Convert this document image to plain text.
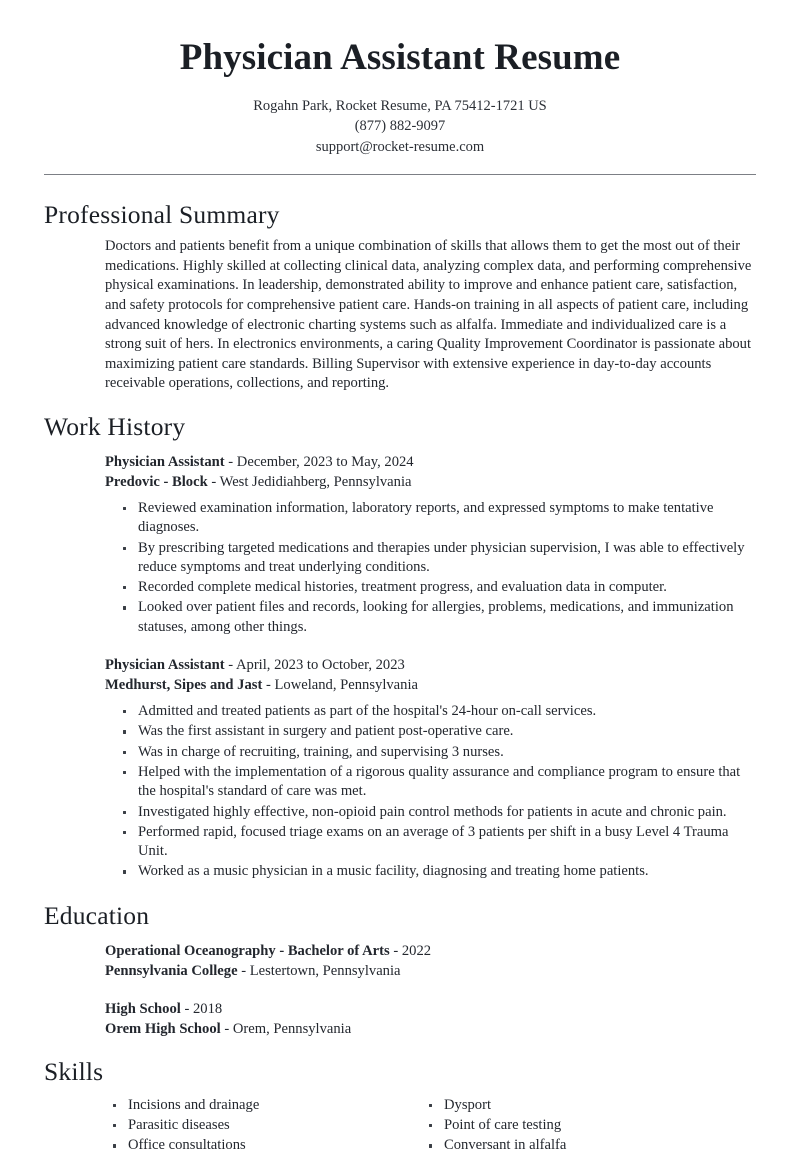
Physician Assistant Resume

Rogahn Park, Rocket Resume, PA 75412-1721 US

(877) 882-9097

support@rocket-resume.com

Professional Summary

Doctors and patients benefit from a unique combination of skills that allows them to get the most out of their medications. Highly skilled at collecting clinical data, analyzing complex data, and performing comprehensive physical examinations. In leadership, demonstrated ability to improve and enhance patient care, satisfaction, and safety protocols for comprehensive patient care. Hands-on training in all aspects of patient care, including advanced knowledge of electronic charting systems such as alfalfa. Immediate and individualized care is a strong suit of hers. In electronics environments, a caring Quality Improvement Coordinator is passionate about maximizing patient care standards. Billing Supervisor with extensive experience in day-to-day accounts receivable operations, collections, and reporting.

Work History

Physician Assistant - December, 2023 to May, 2024

Predovic - Block - West Jedidiahberg, Pennsylvania

Reviewed examination information, laboratory reports, and expressed symptoms to make tentative diagnoses.
By prescribing targeted medications and therapies under physician supervision, I was able to effectively reduce symptoms and treat underlying conditions.
Recorded complete medical histories, treatment progress, and evaluation data in computer.
Looked over patient files and records, looking for allergies, problems, medications, and immunization statuses, among other things.

Physician Assistant - April, 2023 to October, 2023

Medhurst, Sipes and Jast - Loweland, Pennsylvania

Admitted and treated patients as part of the hospital's 24-hour on-call services.
Was the first assistant in surgery and patient post-operative care.
Was in charge of recruiting, training, and supervising 3 nurses.
Helped with the implementation of a rigorous quality assurance and compliance program to ensure that the hospital's standard of care was met.
Investigated highly effective, non-opioid pain control methods for patients in acute and chronic pain.
Performed rapid, focused triage exams on an average of 3 patients per shift in a busy Level 4 Trauma Unit.
Worked as a music physician in a music facility, diagnosing and treating home patients.
Education

Operational Oceanography - Bachelor of Arts - 2022

Pennsylvania College - Lestertown, Pennsylvania

High School - 2018

Orem High School - Orem, Pennsylvania

Skills
Incisions and drainage
Parasitic diseases
Office consultations
Dysport
Point of care testing
Conversant in alfalfa
